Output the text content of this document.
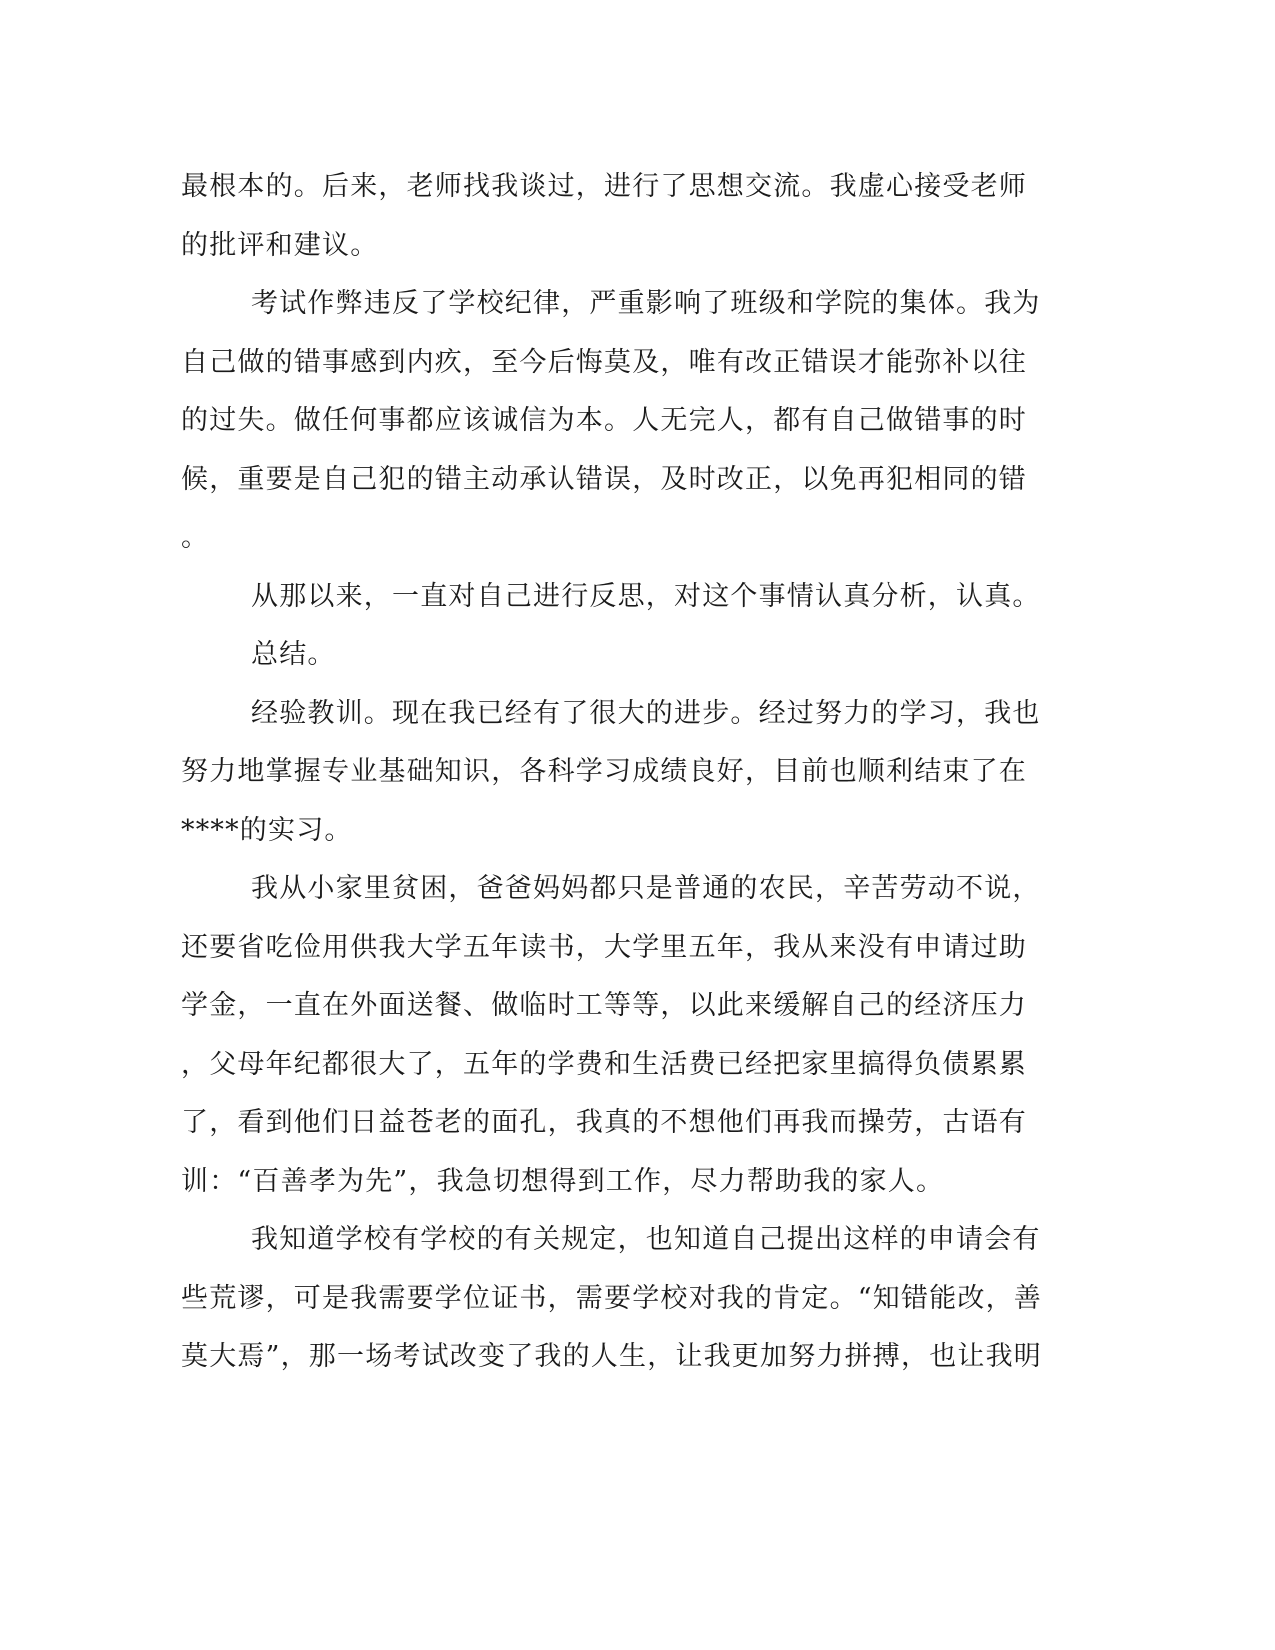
最根本的。后来，老师找我谈过，进行了思想交流。我虚心接受老师
的批评和建议。
考试作弊违反了学校纪律，严重影响了班级和学院的集体。我为
自己做的错事感到内疚，至今后悔莫及，唯有改正错误才能弥补以往
的过失。做任何事都应该诚信为本。人无完人，都有自己做错事的时
候，重要是自己犯的错主动承认错误，及时改正，以免再犯相同的错
。
从那以来，一直对自己进行反思，对这个事情认真分析，认真。
总结。
经验教训。现在我已经有了很大的进步。经过努力的学习，我也
努力地掌握专业基础知识，各科学习成绩良好，目前也顺利结束了在
****的实习。
我从小家里贫困，爸爸妈妈都只是普通的农民，辛苦劳动不说，
还要省吃俭用供我大学五年读书，大学里五年，我从来没有申请过助
学金，一直在外面送餐、做临时工等等，以此来缓解自己的经济压力
，父母年纪都很大了，五年的学费和生活费已经把家里搞得负债累累
了，看到他们日益苍老的面孔，我真的不想他们再我而操劳，古语有
训：“百善孝为先”，我急切想得到工作，尽力帮助我的家人。
我知道学校有学校的有关规定，也知道自己提出这样的申请会有
些荒谬，可是我需要学位证书，需要学校对我的肯定。“知错能改，善
莫大焉”，那一场考试改变了我的人生，让我更加努力拼搏，也让我明
